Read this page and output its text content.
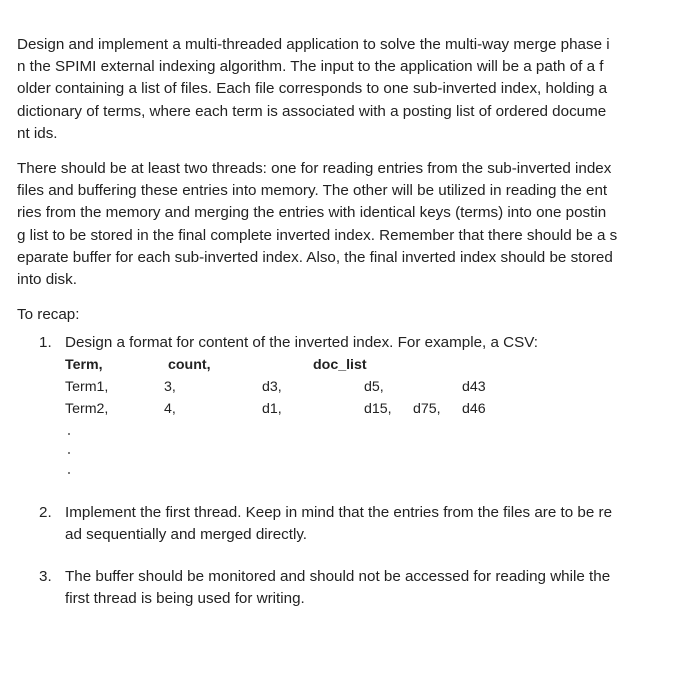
Design and implement a multi-threaded application to solve the multi-way merge phase i
n the SPIMI external indexing algorithm. The input to the application will be a path of a f
older containing a list of files. Each file corresponds to one sub-inverted index, holding a
dictionary of terms, where each term is associated with a posting list of ordered docume
nt ids.

There should be at least two threads: one for reading entries from the sub-inverted index
files and buffering these entries into memory. The other will be utilized in reading the ent
ries from the memory and merging the entries with identical keys (terms) into one postin
g list to be stored in the final complete inverted index. Remember that there should be a s
eparate buffer for each sub-inverted index. Also, the final inverted index should be stored
into disk.

To recap:

1. Design a format for content of the inverted index. For example, a CSV:
Term,	count,	doc_list
Term1,	3,	d3,	d5,	d43
Term2,	4,	d1,	d15, d75, d46
2. Implement the first thread. Keep in mind that the entries from the files are to be re
ad sequentially and merged directly.
3. The buffer should be monitored and should not be accessed for reading while the
first thread is being used for writing.
